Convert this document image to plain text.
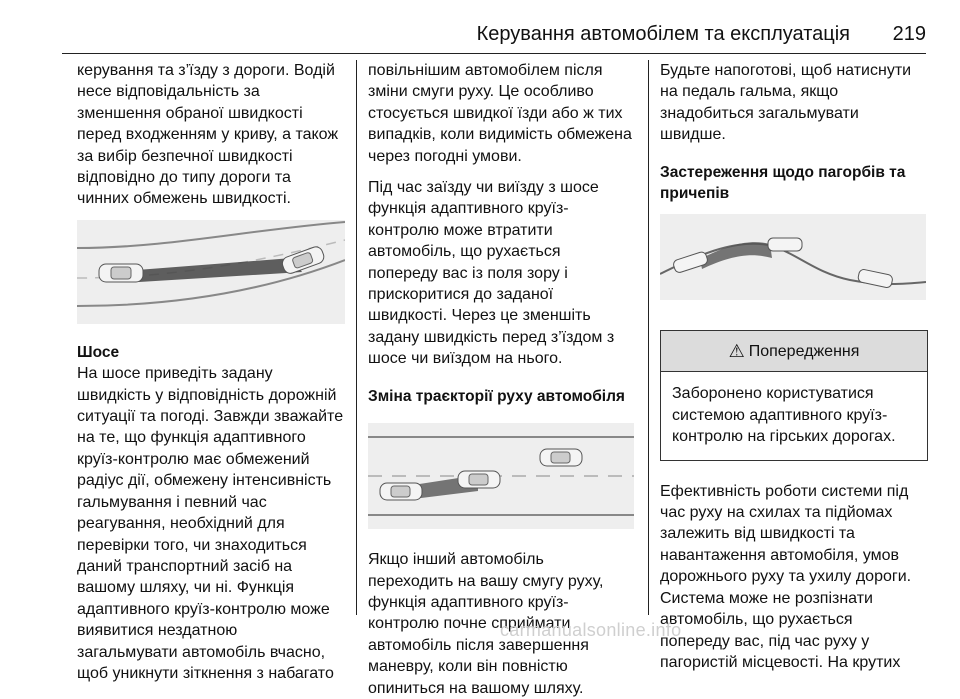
Керування автомобілем та експлуатація 219

керування та з’їзду з дороги. Водій

несе відповідальність за

зменшення обраної швидкості

перед входженням у криву, а також

за вибір безпечної швидкості

відповідно до типу дороги та

чинних обмежень швидкості.

Шосе

На шосе приведіть задану

швидкість у відповідність дорожній

ситуації та погоді. Завжди зважайте

на те, що функція адаптивного

круїз-контролю має обмежений

радіус дії, обмежену інтенсивність

гальмування і певний час

реагування, необхідний для

перевірки того, чи знаходиться

даний транспортний засіб на

вашому шляху, чи ні. Функція

адаптивного круїз-контролю може

виявитися нездатною

загальмувати автомобіль вчасно,

щоб уникнути зіткнення з набагато

повільнішим автомобілем після

зміни смуги руху. Це особливо

стосується швидкої їзди або ж тих

випадків, коли видимість обмежена

через погодні умови.

Під час заїзду чи виїзду з шосе

функція адаптивного круїз-

контролю може втратити

автомобіль, що рухається

попереду вас із поля зору і

прискоритися до заданої

швидкості. Через це зменшіть

задану швидкість перед з’їздом з

шосе чи виїздом на нього.

Зміна траєкторії руху автомобіля

Якщо інший автомобіль

переходить на вашу смугу руху,

функція адаптивного круїз-

контролю почне сприймати

автомобіль після завершення

маневру, коли він повністю

опиниться на вашому шляху.

Будьте напоготові, щоб натиснути

на педаль гальма, якщо

знадобиться загальмувати

швидше.

Застереження щодо пагорбів та

причепів

⚠ Попередження

Заборонено користуватися

системою адаптивного круїз-

контролю на гірських дорогах.

Ефективність роботи системи під

час руху на схилах та підйомах

залежить від швидкості та

навантаження автомобіля, умов

дорожнього руху та ухилу дороги.

Система може не розпізнати

автомобіль, що рухається

попереду вас, під час руху у

пагористій місцевості. На крутих

carmanualsonline.info
